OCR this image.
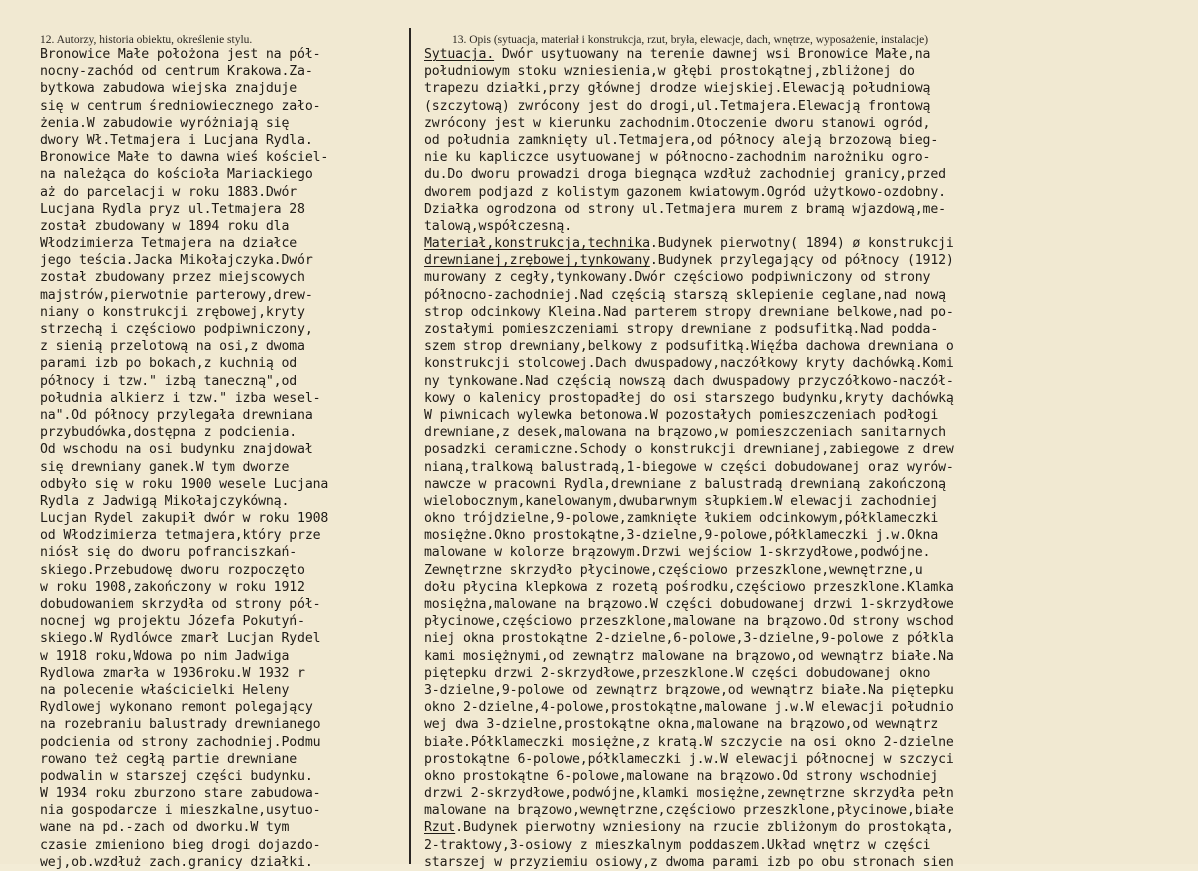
12. Autorzy, historia obiektu, określenie stylu.	13. Opis (sytuacja, materiał i konstrukcja, rzut, bryła, elewacje, dach, wnętrze, wyposażenie, instalacje)
Bronowice Małe położona jest na pół-
nocny-zachód od centrum Krakowa.Za-
bytkowa zabudowa wiejska znajduje
się w centrum średniowiecznego zało-
żenia.W zabudowie wyróżniają się
dwory Wł.Tetmajera i Lucjana Rydla.
Bronowice Małe to dawna wieś kościel-
na należąca do kościoła Mariackiego
aż do parcelacji w roku 1883.Dwór
Lucjana Rydla pryz ul.Tetmajera 28
został zbudowany w 1894 roku dla
Włodzimierza Tetmajera na działce
jego teścia.Jacka Mikołajczyka.Dwór
został zbudowany przez miejscowych
majstrów,pierwotnie parterowy,drew-
niany o konstrukcji zrębowej,kryty
strzechą i częściowo podpiwniczony,
z sienią przelotową na osi,z dwoma
parami izb po bokach,z kuchnią od
północy i tzw." izbą taneczną",od
południa alkierz i tzw." izba wesel-
na".Od północy przylegała drewniana
przybudówka,dostępna z podcienia.
Od wschodu na osi budynku znajdował
się drewniany ganek.W tym dworze
odbyło się w roku 1900 wesele Lucjana
Rydla z Jadwigą Mikołajczykówną.
Lucjan Rydel zakupił dwór w roku 1908
od Włodzimierza tetmajera,który prze
niósł się do dworu pofranciszkań-
skiego.Przebudowę dworu rozpoczęto
w roku 1908,zakończony w roku 1912
dobudowaniem skrzydła od strony pół-
nocnej wg projektu Józefa Pokutyń-
skiego.W Rydlówce zmarł Lucjan Rydel
w 1918 roku,Wdowa po nim Jadwiga
Rydlowa zmarła w 1936roku.W 1932 r
na polecenie właścicielki Heleny
Rydlowej wykonano remont polegający
na rozebraniu balustrady drewnianego
podcienia od strony zachodniej.Podmu
rowano też cegłą partie drewniane
podwalin w starszej części budynku.
W 1934 roku zburzono stare zabudowa-
nia gospodarcze i mieszkalne,usytuo-
wane na pd.-zach od dworku.W tym
czasie zmieniono bieg drogi dojazdo-
wej,ob.wzdłuż zach.granicy działki.
Sytuacja. Dwór usytuowany na terenie dawnej wsi Bronowice Małe,na
południowym stoku wzniesienia,w głębi prostokątnej,zbliżonej do
trapezu działki,przy głównej drodze wiejskiej.Elewacją południową
(szczytową) zwrócony jest do drogi,ul.Tetmajera.Elewacją frontową
zwrócony jest w kierunku zachodnim.Otoczenie dworu stanowi ogród,
od południa zamknięty ul.Tetmajera,od północy aleją brzozową bieg-
nie ku kapliczce usytuowanej w północno-zachodnim narożniku ogro-
du.Do dworu prowadzi droga biegnąca wzdłuż zachodniej granicy,przed
dworem podjazd z kolistym gazonem kwiatowym.Ogród użytkowo-ozdobny.
Działka ogrodzona od strony ul.Tetmajera murem z bramą wjazdową,me-
talową,współczesną.
Materiał,konstrukcja,technika.Budynek pierwotny( 1894) ø konstrukcji
drewnianej,zrębowej,tynkowany.Budynek przylegający od północy (1912)
murowany z cegły,tynkowany.Dwór częściowo podpiwniczony od strony
północno-zachodniej.Nad częścią starszą sklepienie ceglane,nad nową
strop odcinkowy Kleina.Nad parterem stropy drewniane belkowe,nad po-
zostałymi pomieszczeniami stropy drewniane z podsufitką.Nad podda-
szem strop drewniany,belkowy z podsufitką.Więźba dachowa drewniana o
konstrukcji stolcowej.Dach dwuspadowy,naczółkowy kryty dachówką.Komi
ny tynkowane.Nad częścią nowszą dach dwuspadowy przyczółkowo-naczół-
kowy o kalenicy prostopadłej do osi starszego budynku,kryty dachówką
W piwnicach wylewka betonowa.W pozostałych pomieszczeniach podłogi
drewniane,z desek,malowana na brązowo,w pomieszczeniach sanitarnych
posadzki ceramiczne.Schody o konstrukcji drewnianej,zabiegowe z drew
nianą,tralkową balustradą,1-biegowe w części dobudowanej oraz wyrów-
nawcze w pracowni Rydla,drewniane z balustradą drewnianą zakończoną
wielobocznym,kanelowanym,dwubarwnym słupkiem.W elewacji zachodniej
okno trójdzielne,9-polowe,zamknięte łukiem odcinkowym,półklameczki
mosiężne.Okno prostokątne,3-dzielne,9-polowe,półklameczki j.w.Okna
malowane w kolorze brązowym.Drzwi wejściow 1-skrzydłowe,podwójne.
Zewnętrzne skrzydło płycinowe,częściowo przeszklone,wewnętrzne,u
dołu płycina klepkowa z rozetą pośrodku,częściowo przeszklone.Klamka
mosiężna,malowane na brązowo.W części dobudowanej drzwi 1-skrzydłowe
płycinowe,częściowo przeszklone,malowane na brązowo.Od strony wschod
niej okna prostokątne 2-dzielne,6-polowe,3-dzielne,9-polowe z półkla
kami mosiężnymi,od zewnątrz malowane na brązowo,od wewnątrz białe.Na
piętерku drzwi 2-skrzydłowe,przeszklone.W części dobudowanej okno
3-dzielne,9-polowe od zewnątrz brązowe,od wewnątrz białe.Na piętерku
okno 2-dzielne,4-polowe,prostokątne,malowane j.w.W elewacji południo
wej dwa 3-dzielne,prostokątne okna,malowane na brązowo,od wewnątrz
białe.Półklameczki mosiężne,z kratą.W szczycie na osi okno 2-dzielne
prostokątne 6-polowe,półklameczki j.w.W elewacji północnej w szczyci
okno prostokątne 6-polowe,malowane na brązowo.Od strony wschodniej
drzwi 2-skrzydłowe,podwójne,klamki mosiężne,zewnętrzne skrzydła pełn
malowane na brązowo,wewnętrzne,częściowo przeszklone,płycinowe,białe
Rzut.Budynek pierwotny wzniesiony na rzucie zbliżonym do prostokąta,
2-traktowy,3-osiowy z mieszkalnym poddaszem.Układ wnętrz w części
starszej w przyziemiu osiowy,z dwoma parami izb po obu stronach sien
